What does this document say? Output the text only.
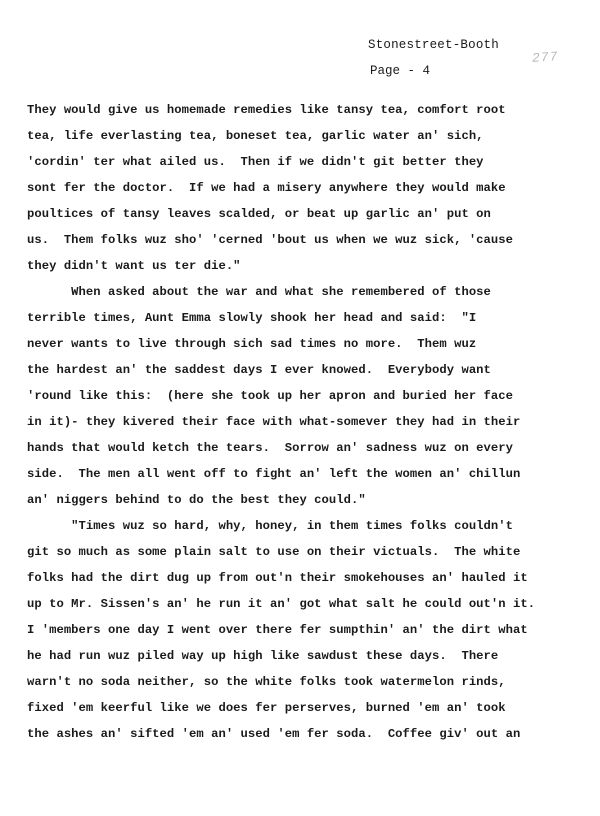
Stonestreet-Booth
Page - 4
277
They would give us homemade remedies like tansy tea, comfort root
tea, life everlasting tea, boneset tea, garlic water an' sich,
'cordin' ter what ailed us.  Then if we didn't git better they
sont fer the doctor.  If we had a misery anywhere they would make
poultices of tansy leaves scalded, or beat up garlic an' put on
us.  Them folks wuz sho' 'cerned 'bout us when we wuz sick, 'cause
they didn't want us ter die."
When asked about the war and what she remembered of those
terrible times, Aunt Emma slowly shook her head and said:  "I
never wants to live through sich sad times no more.  Them wuz
the hardest an' the saddest days I ever knowed.  Everybody want
'round like this:  (here she took up her apron and buried her face
in it)- they kivered their face with what-somever they had in their
hands that would ketch the tears.  Sorrow an' sadness wuz on every
side.  The men all went off to fight an' left the women an' chillun
an' niggers behind to do the best they could."
"Times wuz so hard, why, honey, in them times folks couldn't
git so much as some plain salt to use on their victuals.  The white
folks had the dirt dug up from out'n their smokehouses an' hauled it
up to Mr. Sissen's an' he run it an' got what salt he could out'n it.
I 'members one day I went over there fer sumpthin' an' the dirt what
he had run wuz piled way up high like sawdust these days.  There
warn't no soda neither, so the white folks took watermelon rinds,
fixed 'em keerful like we does fer perserves, burned 'em an' took
the ashes an' sifted 'em an' used 'em fer soda.  Coffee giv' out an
